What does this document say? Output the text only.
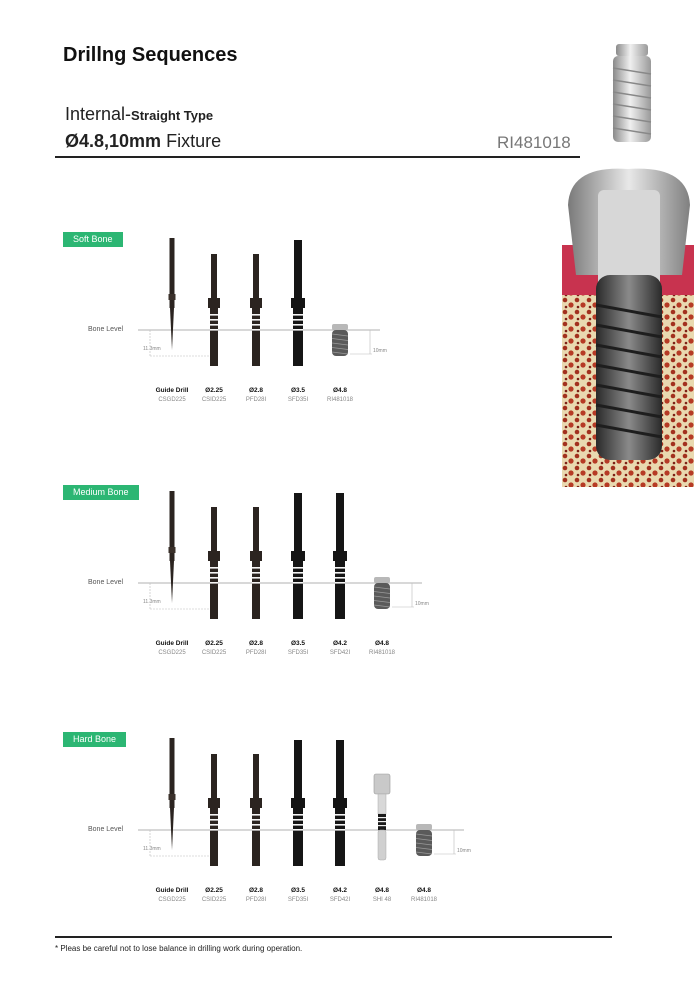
Drillng Sequences
Internal-Straight Type
Ø4.8,10mm Fixture	RI481018
Soft Bone
Bone Level
11.3mm	10mm
Guide Drill
CSGD225
Ø2.25
CSID225
Ø2.8
PFD28I
Ø3.5
SFD35I
Ø4.8
RI481018
Medium Bone
Bone Level
11.3mm	10mm
Guide Drill
CSGD225
Ø2.25
CSID225
Ø2.8
PFD28I
Ø3.5
SFD35I
Ø4.2
SFD42I
Ø4.8
RI481018
Hard Bone
Bone Level
11.3mm	10mm
Guide Drill
CSGD225
Ø2.25
CSID225
Ø2.8
PFD28I
Ø3.5
SFD35I
Ø4.2
SFD42I
Ø4.8
SHI 48
Ø4.8
RI481018
* Pleas be careful not to lose balance in drilling work during operation.
